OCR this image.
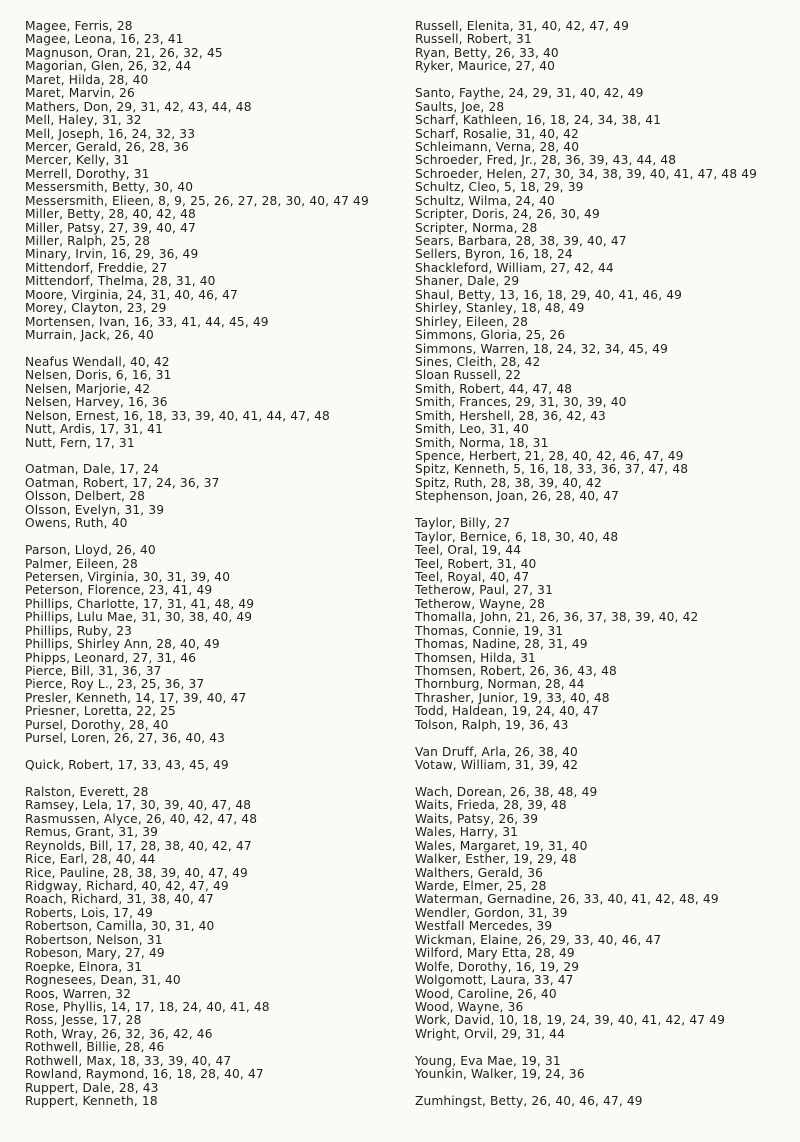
Magee, Ferris, 28
Magee, Leona, 16, 23, 41
Magnuson, Oran, 21, 26, 32, 45
Magorian, Glen, 26, 32, 44
Maret, Hilda, 28, 40
Maret, Marvin, 26
Mathers, Don, 29, 31, 42, 43, 44, 48
Mell, Haley, 31, 32
Mell, Joseph, 16, 24, 32, 33
Mercer, Gerald, 26, 28, 36
Mercer, Kelly, 31
Merrell, Dorothy, 31
Messersmith, Betty, 30, 40
Messersmith, Elieen, 8, 9, 25, 26, 27, 28, 30, 40, 47 49
Miller, Betty, 28, 40, 42, 48
Miller, Patsy, 27, 39, 40, 47
Miller, Ralph, 25, 28
Minary, Irvin, 16, 29, 36, 49
Mittendorf, Freddie, 27
Mittendorf, Thelma, 28, 31, 40
Moore, Virginia, 24, 31, 40, 46, 47
Morey, Clayton, 23, 29
Mortensen, Ivan, 16, 33, 41, 44, 45, 49
Murrain, Jack, 26, 40
Neafus Wendall, 40, 42
Nelsen, Doris, 6, 16, 31
Nelsen, Marjorie, 42
Nelsen, Harvey, 16, 36
Nelson, Ernest, 16, 18, 33, 39, 40, 41, 44, 47, 48
Nutt, Ardis, 17, 31, 41
Nutt, Fern, 17, 31
Oatman, Dale, 17, 24
Oatman, Robert, 17, 24, 36, 37
Olsson, Delbert, 28
Olsson, Evelyn, 31, 39
Owens, Ruth, 40
Parson, Lloyd, 26, 40
Palmer, Eileen, 28
Petersen, Virginia, 30, 31, 39, 40
Peterson, Florence, 23, 41, 49
Phillips, Charlotte, 17, 31, 41, 48, 49
Phillips, Lulu Mae, 31, 30, 38, 40, 49
Phillips, Ruby, 23
Phillips, Shirley Ann, 28, 40, 49
Phipps, Leonard, 27, 31, 46
Pierce, Bill, 31, 36, 37
Pierce, Roy L., 23, 25, 36, 37
Presler, Kenneth, 14, 17, 39, 40, 47
Priesner, Loretta, 22, 25
Pursel, Dorothy, 28, 40
Pursel, Loren, 26, 27, 36, 40, 43
Quick, Robert, 17, 33, 43, 45, 49
Ralston, Everett, 28
Ramsey, Lela, 17, 30, 39, 40, 47, 48
Rasmussen, Alyce, 26, 40, 42, 47, 48
Remus, Grant, 31, 39
Reynolds, Bill, 17, 28, 38, 40, 42, 47
Rice, Earl, 28, 40, 44
Rice, Pauline, 28, 38, 39, 40, 47, 49
Ridgway, Richard, 40, 42, 47, 49
Roach, Richard, 31, 38, 40, 47
Roberts, Lois, 17, 49
Robertson, Camilla, 30, 31, 40
Robertson, Nelson, 31
Robeson, Mary, 27, 49
Roepke, Elnora, 31
Rognesees, Dean, 31, 40
Roos, Warren, 32
Rose, Phyllis, 14, 17, 18, 24, 40, 41, 48
Ross, Jesse, 17, 28
Roth, Wray, 26, 32, 36, 42, 46
Rothwell, Billie, 28, 46
Rothwell, Max, 18, 33, 39, 40, 47
Rowland, Raymond, 16, 18, 28, 40, 47
Ruppert, Dale, 28, 43
Ruppert, Kenneth, 18
Russell, Elenita, 31, 40, 42, 47, 49
Russell, Robert, 31
Ryan, Betty, 26, 33, 40
Ryker, Maurice, 27, 40
Santo, Faythe, 24, 29, 31, 40, 42, 49
Saults, Joe, 28
Scharf, Kathleen, 16, 18, 24, 34, 38, 41
Scharf, Rosalie, 31, 40, 42
Schleimann, Verna, 28, 40
Schroeder, Fred, Jr., 28, 36, 39, 43, 44, 48
Schroeder, Helen, 27, 30, 34, 38, 39, 40, 41, 47, 48 49
Schultz, Cleo, 5, 18, 29, 39
Schultz, Wilma, 24, 40
Scripter, Doris, 24, 26, 30, 49
Scripter, Norma, 28
Sears, Barbara, 28, 38, 39, 40, 47
Sellers, Byron, 16, 18, 24
Shackleford, William, 27, 42, 44
Shaner, Dale, 29
Shaul, Betty, 13, 16, 18, 29, 40, 41, 46, 49
Shirley, Stanley, 18, 48, 49
Shirley, Eileen, 28
Simmons, Gloria, 25, 26
Simmons, Warren, 18, 24, 32, 34, 45, 49
Sines, Cleith, 28, 42
Sloan Russell, 22
Smith, Robert, 44, 47, 48
Smith, Frances, 29, 31, 30, 39, 40
Smith, Hershell, 28, 36, 42, 43
Smith, Leo, 31, 40
Smith, Norma, 18, 31
Spence, Herbert, 21, 28, 40, 42, 46, 47, 49
Spitz, Kenneth, 5, 16, 18, 33, 36, 37, 47, 48
Spitz, Ruth, 28, 38, 39, 40, 42
Stephenson, Joan, 26, 28, 40, 47
Taylor, Billy, 27
Taylor, Bernice, 6, 18, 30, 40, 48
Teel, Oral, 19, 44
Teel, Robert, 31, 40
Teel, Royal, 40, 47
Tetherow, Paul, 27, 31
Tetherow, Wayne, 28
Thomalla, John, 21, 26, 36, 37, 38, 39, 40, 42
Thomas, Connie, 19, 31
Thomas, Nadine, 28, 31, 49
Thomsen, Hilda, 31
Thomsen, Robert, 26, 36, 43, 48
Thornburg, Norman, 28, 44
Thrasher, Junior, 19, 33, 40, 48
Todd, Haldean, 19, 24, 40, 47
Tolson, Ralph, 19, 36, 43
Van Druff, Arla, 26, 38, 40
Votaw, William, 31, 39, 42
Wach, Dorean, 26, 38, 48, 49
Waits, Frieda, 28, 39, 48
Waits, Patsy, 26, 39
Wales, Harry, 31
Wales, Margaret, 19, 31, 40
Walker, Esther, 19, 29, 48
Walthers, Gerald, 36
Warde, Elmer, 25, 28
Waterman, Gernadine, 26, 33, 40, 41, 42, 48, 49
Wendler, Gordon, 31, 39
Westfall Mercedes, 39
Wickman, Elaine, 26, 29, 33, 40, 46, 47
Wilford, Mary Etta, 28, 49
Wolfe, Dorothy, 16, 19, 29
Wolgomott, Laura, 33, 47
Wood, Caroline, 26, 40
Wood, Wayne, 36
Work, David, 10, 18, 19, 24, 39, 40, 41, 42, 47 49
Wright, Orvil, 29, 31, 44
Young, Eva Mae, 19, 31
Younkin, Walker, 19, 24, 36
Zumhingst, Betty, 26, 40, 46, 47, 49
